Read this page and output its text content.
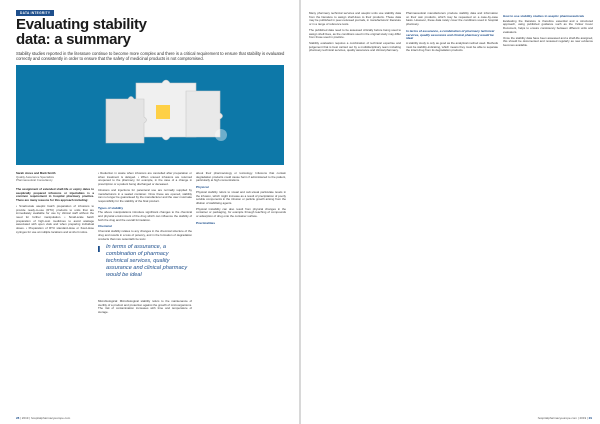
DATA INTEGRITY
Evaluating stability data: a summary

Stability studies reported in the literature continue to become more complex and there is a critical requirement to ensure that stability is evaluated correctly and consistently in order to ensure that the safety of medicinal products is not compromised.

Sarah Jones and Mark Smith
Quality Assurance Specialists
Pharmaceutical Consultancy

The assignment of extended shelf-life or expiry dates to aseptically prepared infusions or injectables is a common requirement in hospital pharmacy practice. There are many reasons for this approach including:

• Small-scale aseptic batch preparation of infusions to provide ready-to-use (RTU) products to units that are immediately available for use by clinical staff without the need for further manipulation. • Small-scale batch preparation of high-cost medicines to avoid wastage associated with open vials and when preparing individual doses. • Preparation of RTU standard-dose or fixed-dose syringes for use at multiple locations and at short notice.

• Reduction in waste when infusions are cancelled after preparation or when treatment is delayed. • When unused infusions are returned unopened to the pharmacy, for example, in the case of a change in prescription or a patient being discharged or deceased.

Infusions and injections for parenteral use are normally supplied by manufacturers in a sealed container. Once these are opened, stability can no longer be guaranteed by the manufacturer and the user must take responsibility for the stability of the final product.

Types of stability

The above manipulations introduce significant changes to the chemical and physical environment of the drug which can influence the stability of both the drug and the overall formulation.

Chemical

Chemical stability relates to any changes in the chemical structure of the drug and results in a loss of potency, and in the formation of degradation products that may potentially be toxic.

In terms of assurance, a combination of pharmacy technical services, quality assurance and clinical pharmacy would be ideal

Microbiological: Microbiological stability refers to the maintenance of sterility of a product and protection against the growth of microorganisms. The risk of contamination increases with time and temperature of storage.

about their pharmacology or toxicology. Infusions that contain degradation products could cause harm if administered to the patient, particularly at high concentrations.

Physical

Physical stability refers to visual and sub-visual particulate levels in the infusion, which might increase as a result of precipitation of poorly soluble components in the infusion or particle growth arising from the dilution of stabilising agents.

Physical instability can also result from physical changes in the container or packaging, for example through leaching of compounds or adsorption of drug onto the container surface.

Practicalities
28 | 2019 | hospitalpharmacyeurope.com

Many pharmacy technical services and aseptic units use stability data from the literature to assign shelf-lives to their products. These data may be published in peer-reviewed journals, in manufacturers' literature or in a range of reference texts.

The published data need to be assessed critically before being used to assign shelf-lives, as the conditions used in the original study may differ from those used in practice.

Stability evaluation requires a combination of technical expertise and judgement that is best carried out by a multidisciplinary team including pharmacy technical services, quality assurance and clinical pharmacy.

Pharmaceutical manufacturers produce stability data and information on their own products, which may be requested on a case-by-case basis. However, these data rarely cover the conditions used in hospital pharmacy.

In terms of assurance, a combination of pharmacy technical services, quality assurance and clinical pharmacy would be ideal

A stability study is only as good as the analytical method used. Methods must be stability-indicating, which means they must be able to separate the intact drug from its degradation products.

How to use stability studies in aseptic pharmaceuticals

Evaluating the literature is therefore essential and a structured approach, using published guidance such as the Yellow Cover Document, helps to ensure consistency between different units and evaluators.

Once the stability data have been assessed and a shelf-life assigned, this should be documented and reviewed regularly as new evidence becomes available.

hospitalpharmacyeurope.com | 2019 | 29
